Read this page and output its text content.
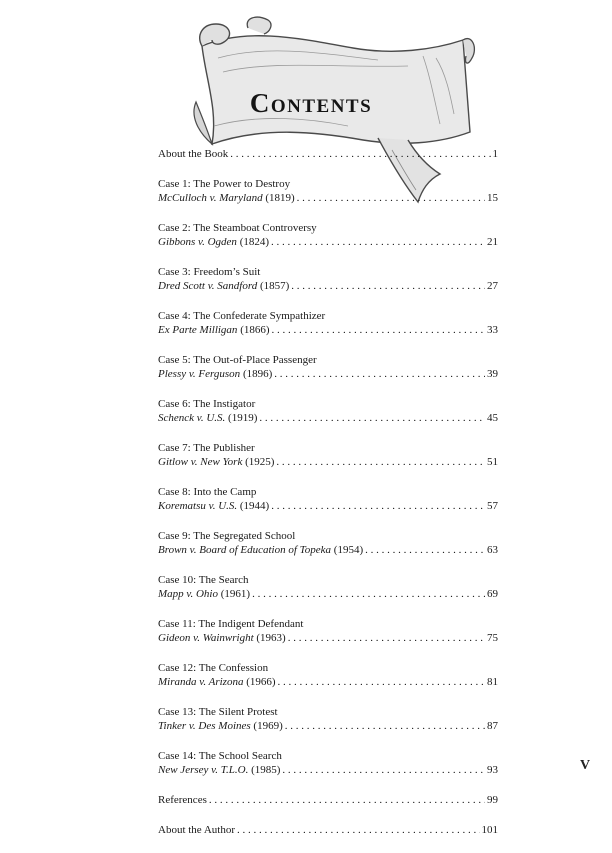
Contents
About the Book . . .	1
Case 1: The Power to Destroy
McCulloch v. Maryland (1819) . . .	15
Case 2: The Steamboat Controversy
Gibbons v. Ogden (1824) . . .	21
Case 3: Freedom’s Suit
Dred Scott v. Sandford (1857) . . .	27
Case 4: The Confederate Sympathizer
Ex Parte Milligan (1866) . . .	33
Case 5: The Out-of-Place Passenger
Plessy v. Ferguson (1896) . . .	39
Case 6: The Instigator
Schenck v. U.S. (1919) . . .	45
Case 7: The Publisher
Gitlow v. New York (1925) . . .	51
Case 8: Into the Camp
Korematsu v. U.S. (1944) . . .	57
Case 9: The Segregated School
Brown v. Board of Education of Topeka (1954) . . .	63
Case 10: The Search
Mapp v. Ohio (1961) . . .	69
Case 11: The Indigent Defendant
Gideon v. Wainwright (1963) . . .	75
Case 12: The Confession
Miranda v. Arizona (1966) . . .	81
Case 13: The Silent Protest
Tinker v. Des Moines (1969) . . .	87
Case 14: The School Search
New Jersey v. T.L.O. (1985) . . .	93
References . . .	99
About the Author . . .	101
V
